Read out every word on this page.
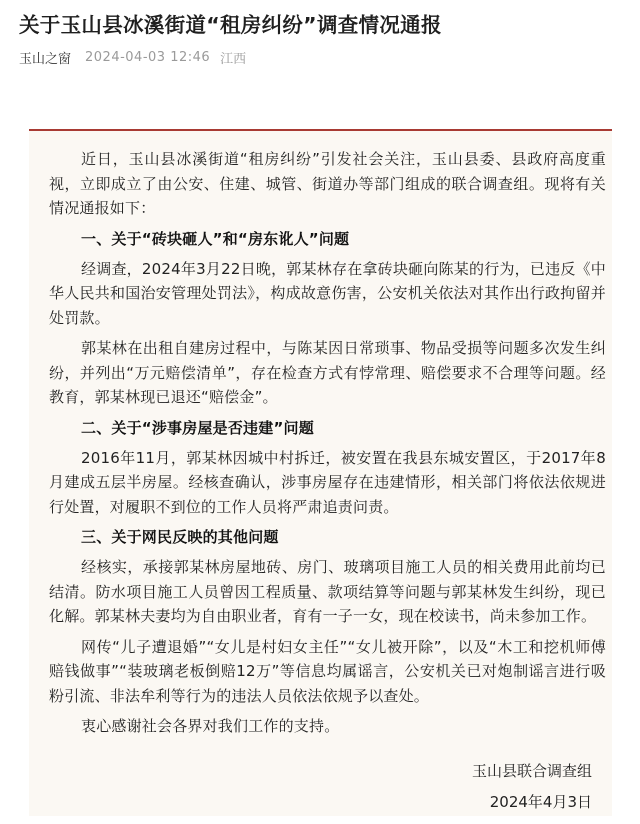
关于玉山县冰溪街道“租房纠纷”调查情况通报
玉山之窗 2024-04-03 12:46 江西

近日，玉山县冰溪街道“租房纠纷”引发社会关注，玉山县委、县政府高度重视，立即成立了由公安、住建、城管、街道办等部门组成的联合调查组。现将有关情况通报如下：

一、关于“砖块砸人”和“房东讹人”问题

经调查，2024年3月22日晚，郭某林存在拿砖块砸向陈某的行为，已违反《中华人民共和国治安管理处罚法》，构成故意伤害，公安机关依法对其作出行政拘留并处罚款。

郭某林在出租自建房过程中，与陈某因日常琐事、物品受损等问题多次发生纠纷，并列出“万元赔偿清单”，存在检查方式有悖常理、赔偿要求不合理等问题。经教育，郭某林现已退还“赔偿金”。

二、关于“涉事房屋是否违建”问题

2016年11月，郭某林因城中村拆迁，被安置在我县东城安置区，于2017年8月建成五层半房屋。经核查确认，涉事房屋存在违建情形，相关部门将依法依规进行处置，对履职不到位的工作人员将严肃追责问责。

三、关于网民反映的其他问题

经核实，承接郭某林房屋地砖、房门、玻璃项目施工人员的相关费用此前均已结清。防水项目施工人员曾因工程质量、款项结算等问题与郭某林发生纠纷，现已化解。郭某林夫妻均为自由职业者，育有一子一女，现在校读书，尚未参加工作。

网传“儿子遭退婚”“女儿是村妇女主任”“女儿被开除”，以及“木工和挖机师傅赔钱做事”“装玻璃老板倒赔12万”等信息均属谣言，公安机关已对炮制谣言进行吸粉引流、非法牟利等行为的违法人员依法依规予以查处。

衷心感谢社会各界对我们工作的支持。

玉山县联合调查组
2024年4月3日
